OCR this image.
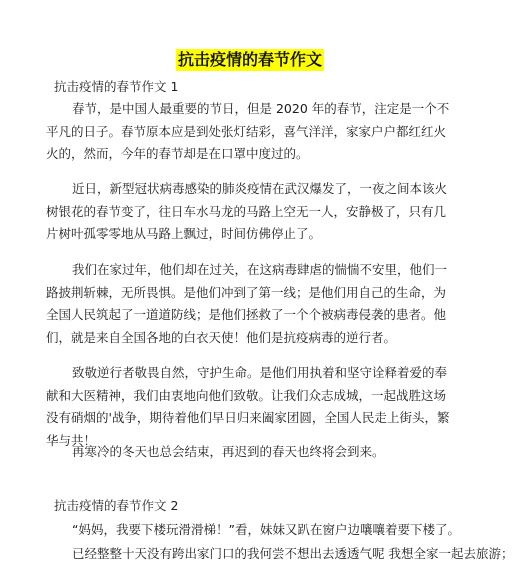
抗击疫情的春节作文
抗击疫情的春节作文 1
春节，是中国人最重要的节日，但是 2020 年的春节，注定是一个不平凡的日子。春节原本应是到处张灯结彩，喜气洋洋，家家户户都红红火火的，然而，今年的春节却是在口罩中度过的。
近日，新型冠状病毒感染的肺炎疫情在武汉爆发了，一夜之间本该火树银花的春节变了，往日车水马龙的马路上空无一人，安静极了，只有几片树叶孤零零地从马路上飘过，时间仿佛停止了。
我们在家过年，他们却在过关，在这病毒肆虐的惴惴不安里，他们一路披荆斩棘，无所畏惧。是他们冲到了第一线；是他们用自己的生命，为全国人民筑起了一道道防线；是他们拯救了一个个被病毒侵袭的患者。他们，就是来自全国各地的白衣天使！他们是抗疫病毒的逆行者。
致敬逆行者敬畏自然，守护生命。是他们用执着和坚守诠释着爱的奉献和大医精神，我们由衷地向他们致敬。让我们众志成城，一起战胜这场没有硝烟的'战争，期待着他们早日归来阖家团圆，全国人民走上街头，繁华与共！
再寒冷的冬天也总会结束，再迟到的春天也终将会到来。
抗击疫情的春节作文 2
“妈妈，我要下楼玩滑滑梯！”看，妹妹又趴在窗户边嚷嚷着要下楼了。
已经整整十天没有跨出家门口的我何尝不想出去透透气呢 我想全家一起去旅游；
